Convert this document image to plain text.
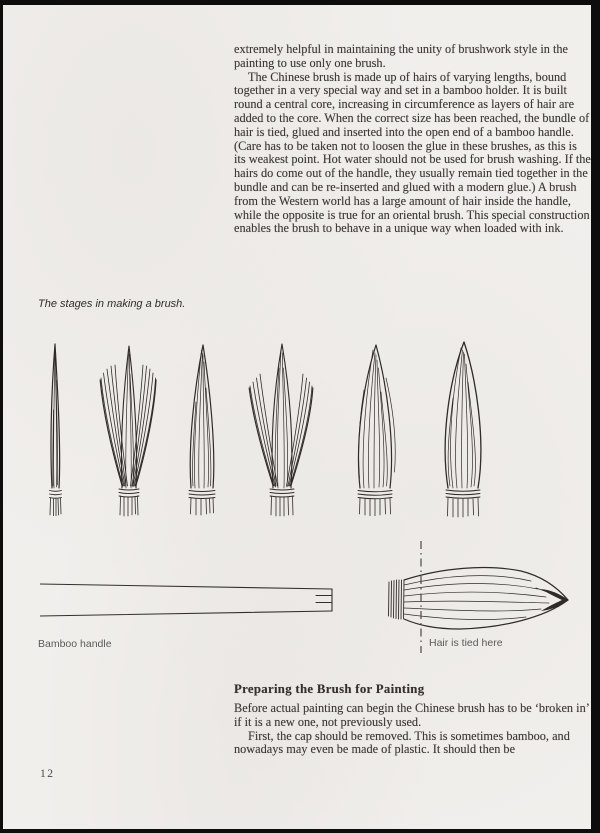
extremely helpful in maintaining the unity of brushwork style in the painting to use only one brush.

The Chinese brush is made up of hairs of varying lengths, bound together in a very special way and set in a bamboo holder. It is built round a central core, increasing in circumference as layers of hair are added to the core. When the correct size has been reached, the bundle of hair is tied, glued and inserted into the open end of a bamboo handle. (Care has to be taken not to loosen the glue in these brushes, as this is its weakest point. Hot water should not be used for brush washing. If the hairs do come out of the handle, they usually remain tied together in the bundle and can be re-inserted and glued with a modern glue.) A brush from the Western world has a large amount of hair inside the handle, while the opposite is true for an oriental brush. This special construction enables the brush to behave in a unique way when loaded with ink.

The stages in making a brush.
Bamboo handle	Hair is tied here
Preparing the Brush for Painting

Before actual painting can begin the Chinese brush has to be ‘broken in’ if it is a new one, not previously used.

First, the cap should be removed. This is sometimes bamboo, and nowadays may even be made of plastic. It should then be

12
